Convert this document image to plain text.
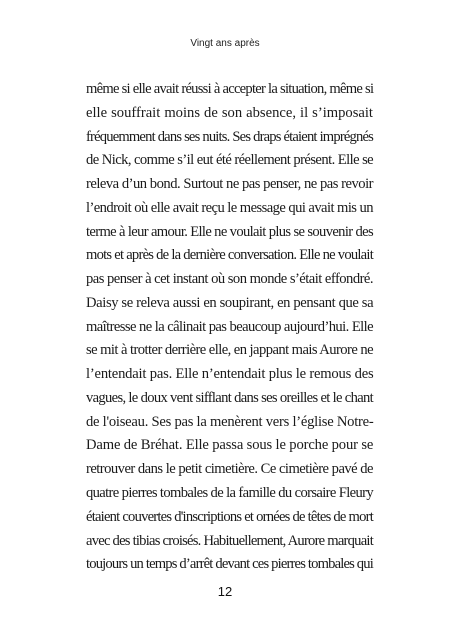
Vingt ans après
même si elle avait réussi à accepter la situation, même si
elle souffrait moins de son absence, il s’imposait
fréquemment dans ses nuits. Ses draps étaient imprégnés
de Nick, comme s’il eut été réellement présent. Elle se
releva d’un bond. Surtout ne pas penser, ne pas revoir
l’endroit où elle avait reçu le message qui avait mis un
terme à leur amour. Elle ne voulait plus se souvenir des
mots et après de la dernière conversation. Elle ne voulait
pas penser à cet instant où son monde s’était effondré.
Daisy se releva aussi en soupirant, en pensant que sa
maîtresse ne la câlinait pas beaucoup aujourd’hui. Elle
se mit à trotter derrière elle, en jappant mais Aurore ne
l’entendait pas. Elle n’entendait plus le remous des
vagues, le doux vent sifflant dans ses oreilles et le chant
de l'oiseau. Ses pas la menèrent vers l’église Notre-
Dame de Bréhat. Elle passa sous le porche pour se
retrouver dans le petit cimetière. Ce cimetière pavé de
quatre pierres tombales de la famille du corsaire Fleury
étaient couvertes d'inscriptions et ornées de têtes de mort
avec des tibias croisés. Habituellement, Aurore marquait
toujours un temps d’arrêt devant ces pierres tombales qui
12
